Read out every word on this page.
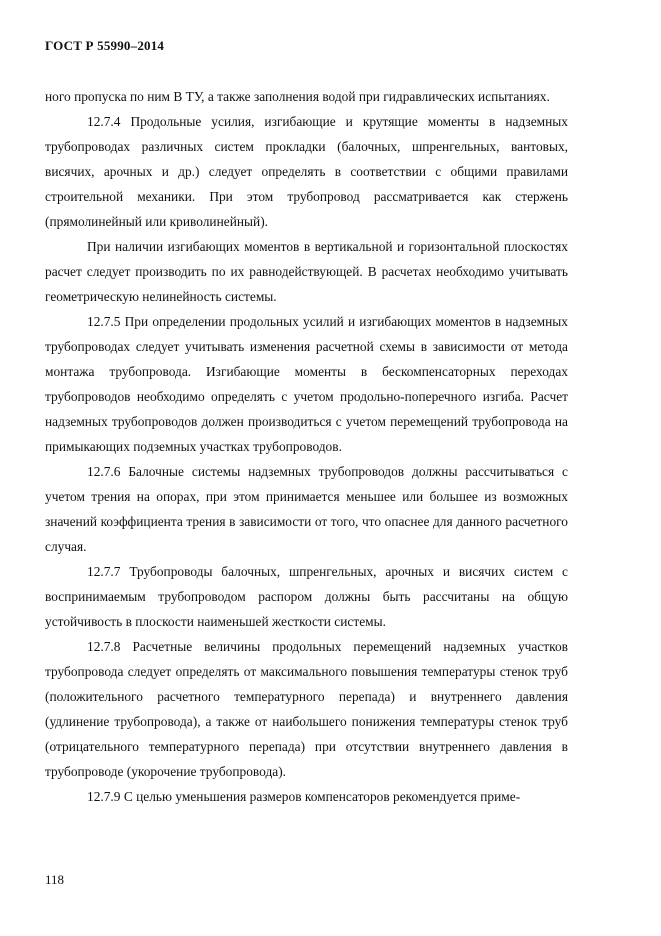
ГОСТ Р 55990–2014

ного пропуска по ним В ТУ, а также заполнения водой при гидравлических испытаниях.

12.7.4 Продольные усилия, изгибающие и крутящие моменты в надземных трубопроводах различных систем прокладки (балочных, шпренгельных, вантовых, висячих, арочных и др.) следует определять в соответствии с общими правилами строительной механики. При этом трубопровод рассматривается как стержень (прямолинейный или криволинейный).

При наличии изгибающих моментов в вертикальной и горизонтальной плоскостях расчет следует производить по их равнодействующей. В расчетах необходимо учитывать геометрическую нелинейность системы.

12.7.5 При определении продольных усилий и изгибающих моментов в надземных трубопроводах следует учитывать изменения расчетной схемы в зависимости от метода монтажа трубопровода. Изгибающие моменты в бескомпенсаторных переходах трубопроводов необходимо определять с учетом продольно-поперечного изгиба. Расчет надземных трубопроводов должен производиться с учетом перемещений трубопровода на примыкающих подземных участках трубопроводов.

12.7.6 Балочные системы надземных трубопроводов должны рассчитываться с учетом трения на опорах, при этом принимается меньшее или большее из возможных значений коэффициента трения в зависимости от того, что опаснее для данного расчетного случая.

12.7.7 Трубопроводы балочных, шпренгельных, арочных и висячих систем с воспринимаемым трубопроводом распором должны быть рассчитаны на общую устойчивость в плоскости наименьшей жесткости системы.

12.7.8 Расчетные величины продольных перемещений надземных участков трубопровода следует определять от максимального повышения температуры стенок труб (положительного расчетного температурного перепада) и внутреннего давления (удлинение трубопровода), а также от наибольшего понижения температуры стенок труб (отрицательного температурного перепада) при отсутствии внутреннего давления в трубопроводе (укорочение трубопровода).

12.7.9 С целью уменьшения размеров компенсаторов рекомендуется приме-

118
